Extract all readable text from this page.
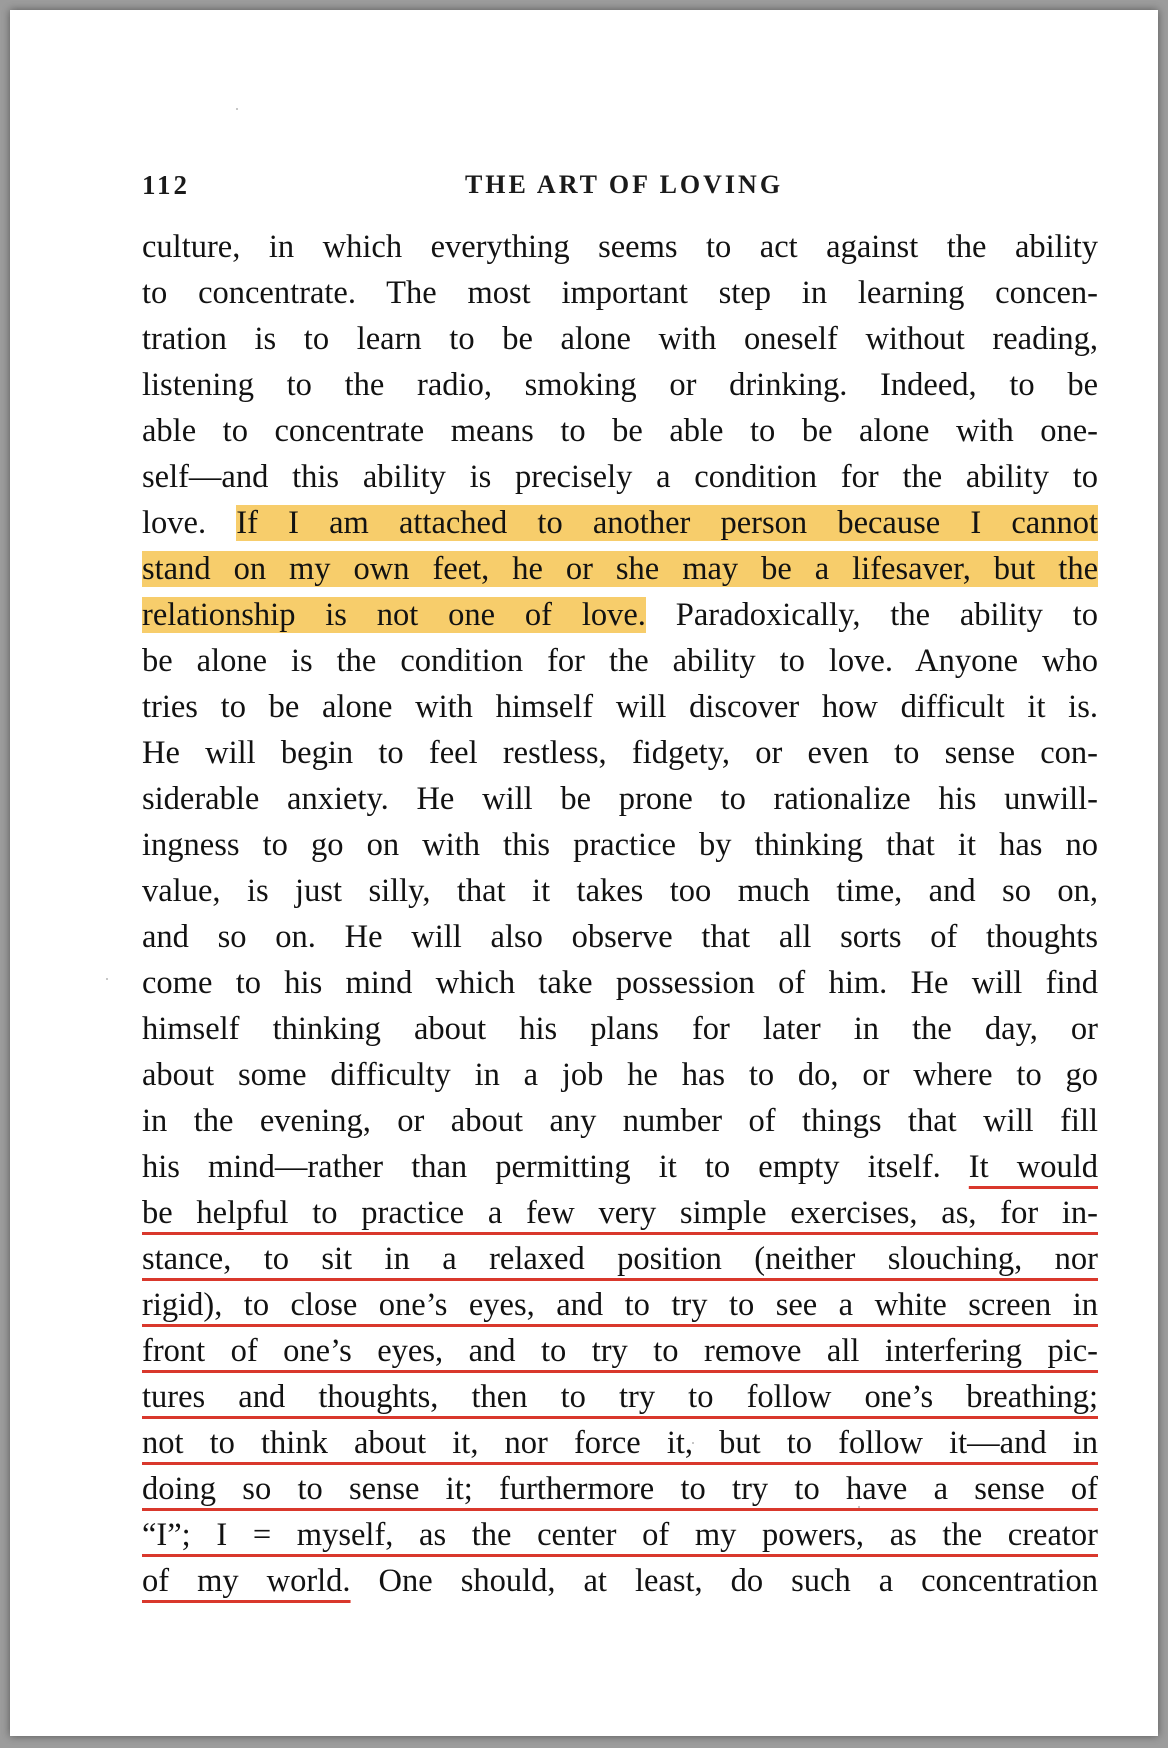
112	THE ART OF LOVING
culture, in which everything seems to act against the ability
to concentrate. The most important step in learning concen-
tration is to learn to be alone with oneself without reading,
listening to the radio, smoking or drinking. Indeed, to be
able to concentrate means to be able to be alone with one-
self—and this ability is precisely a condition for the ability to
love. If I am attached to another person because I cannot
stand on my own feet, he or she may be a lifesaver, but the
relationship is not one of love. Paradoxically, the ability to
be alone is the condition for the ability to love. Anyone who
tries to be alone with himself will discover how difficult it is.
He will begin to feel restless, fidgety, or even to sense con-
siderable anxiety. He will be prone to rationalize his unwill-
ingness to go on with this practice by thinking that it has no
value, is just silly, that it takes too much time, and so on,
and so on. He will also observe that all sorts of thoughts
come to his mind which take possession of him. He will find
himself thinking about his plans for later in the day, or
about some difficulty in a job he has to do, or where to go
in the evening, or about any number of things that will fill
his mind—rather than permitting it to empty itself. It would
be helpful to practice a few very simple exercises, as, for in-
stance, to sit in a relaxed position (neither slouching, nor
rigid), to close one’s eyes, and to try to see a white screen in
front of one’s eyes, and to try to remove all interfering pic-
tures and thoughts, then to try to follow one’s breathing;
not to think about it, nor force it, but to follow it—and in
doing so to sense it; furthermore to try to have a sense of
“I”; I = myself, as the center of my powers, as the creator
of my world. One should, at least, do such a concentration
